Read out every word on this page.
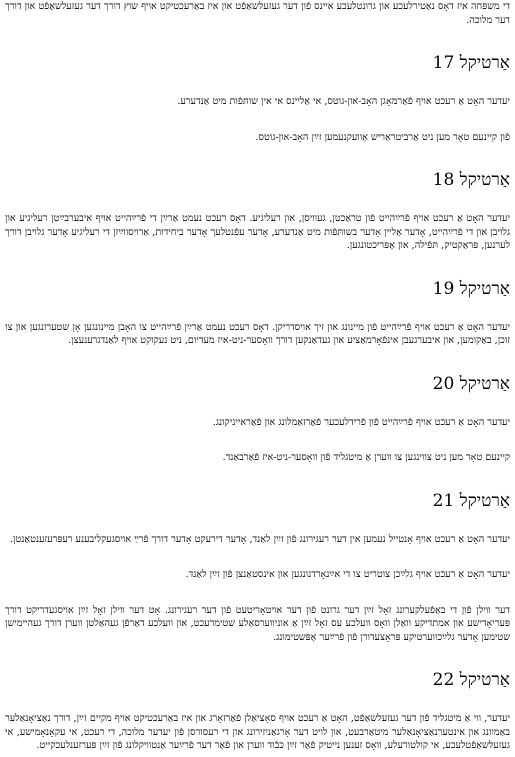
די משפּחה איז דאָס נאַטירלעכע און גרונטלעכע איינס פֿון דער געזעלשאַפֿט און איז באַרעכטיקט אויף שוץ דורך דער געזעלשאַפֿט און דורך דער מלוכה.

אַרטיקל 17

יעדער האָט אַ רעכט אויף פֿאַרמאָגן האָב-און-גוטס, אי אַליינס אי אין שותּפֿות מיט אַנדערע.

פֿון קיינעם טאָר מען ניט אַרביטראַריש אַוועקנעמען זײַן האָב-און-גוטס.

אַרטיקל 18

יעדער האָט אַ רעכט אויף פֿרײַהייט פֿון טראַכטן, געוויסן, און רעליגיע. דאָס רעכט נעמט אַרײַן די פֿרײַהייט אויף איבערבײַטן רעליגיע און גלויבן און די פֿרײַהייט, אָדער אַליין אָדער בשותּפֿות מיט אַנדערע, אָדער עפֿנטלעך אָדער ביחידות, אַרויסווײַזן די רעליגיע אָדער גלויבן דורך לערנען, פּראַקטיק, תּפֿילה, און אָפּריכטונגען.

אַרטיקל 19

יעדער האָט אַ רעכט אויף פֿרײַהייט פֿון מיינונג און זיך אויסדריקן. דאָס רעכט נעמט אַרײַן פֿרײַהייט צו האָבן מיינונגען אָן שטערונגען און צו זוכן, באַקומען, און איבערגעבן אינפֿאָרמאַציע און געדאַנקען דורך וואָסער-ניט-איז מעדיום, ניט נעקוקט אויף לאַנדגרענעצן.

אַרטיקל 20

יעדער האָט אַ רעכט אויף פֿרײַהייט פֿון פֿרידלעכער פֿאַרזאַמלונג און פֿאַראייניקונג.

קיינעם טאָר מען ניט צווינגען צו ווערן אַ מיטגליד פֿון וואָסער-ניט-איז פֿאַרבאַנד.

אַרטיקל 21

יעדער האָט אַ רעכט אויף אָנטייל נעמען אין דער רעגירונג פֿון זײַן לאַנד, אָדער דירעקט אָדער דורך פֿרײַ אויסגעקליבענע רעפּרעזענטאַנטן.

יעדער האָט אַ רעכט אויף גלײַכן צוטריט צו די אײַנאָרדנונגען און אינסטאַנצן פֿון זײַן לאַנד.

דער ווילן פֿון די באַפֿעלקערונג זאָל זײַן דער גרונט פֿון דער אויטאָריטעט פֿון דער רעגירונג. אָט דער ווילן זאָל זײַן אויסגעדריקט דורך פּעריאָדישע און אמתדיקע וואַלן וואָס וועלכע עס זאָל זײַן אַ אוניווערסאַלע שטימרעכט, און וועלכע דאַרפֿן געהאַלטן ווערן דורך געהיימישן שטימען אָדער גלײַכווערטיקע פּראָצעדורן פֿון פֿרײַער אָפּשטימונג.

אַרטיקל 22

יעדער, ווי אַ מיטגליד פֿון דער געזעלשאַפֿט, האָט אַ רעכט אויף סאָציאַלן פֿאַרזאָרג און איז באַרעכטיקט אויף מקיים זײַן, דורך נאַציאָנאַלער באַמיִונג און אינטערנאַציאָנאַלער מיטאַרבעט, און לויט דער אָרגאַניזירונג און די רעסורסן פֿון יעדער מלוכה, די רעכט, אי עקאָנאָמישע, אי געזעלשאַפֿטלעכע, אי קולטורעלע, וואָס זענען נייטיק פֿאַר זײַן כּבֿוד ווערן און פֿאַר דער פֿרײַער אַנטוויקלונג פֿון זײַן פּערזענלעכקייט.
